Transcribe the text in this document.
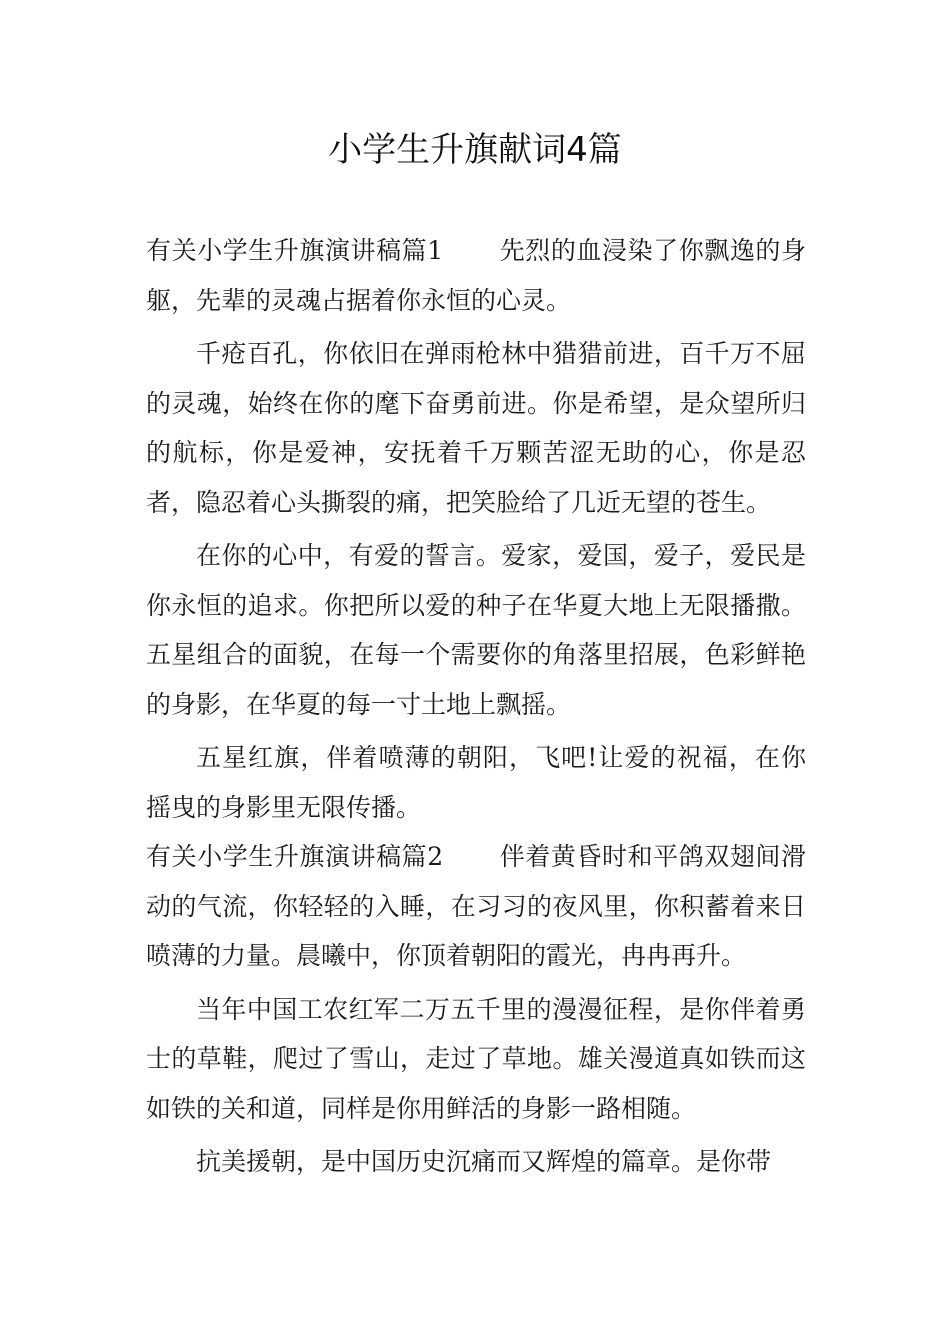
小学生升旗献词4篇

有关小学生升旗演讲稿篇1 先烈的血浸染了你飘逸的身躯，先辈的灵魂占据着你永恒的心灵。

千疮百孔，你依旧在弹雨枪林中猎猎前进，百千万不屈的灵魂，始终在你的麾下奋勇前进。你是希望，是众望所归的航标，你是爱神，安抚着千万颗苦涩无助的心，你是忍者，隐忍着心头撕裂的痛，把笑脸给了几近无望的苍生。

在你的心中，有爱的誓言。爱家，爱国，爱子，爱民是你永恒的追求。你把所以爱的种子在华夏大地上无限播撒。五星组合的面貌，在每一个需要你的角落里招展，色彩鲜艳的身影，在华夏的每一寸土地上飘摇。

五星红旗，伴着喷薄的朝阳，飞吧!让爱的祝福，在你摇曳的身影里无限传播。

有关小学生升旗演讲稿篇2 伴着黄昏时和平鸽双翅间滑动的气流，你轻轻的入睡，在习习的夜风里，你积蓄着来日喷薄的力量。晨曦中，你顶着朝阳的霞光，冉冉再升。

当年中国工农红军二万五千里的漫漫征程，是你伴着勇士的草鞋，爬过了雪山，走过了草地。雄关漫道真如铁而这如铁的关和道，同样是你用鲜活的身影一路相随。

抗美援朝，是中国历史沉痛而又辉煌的篇章。是你带
